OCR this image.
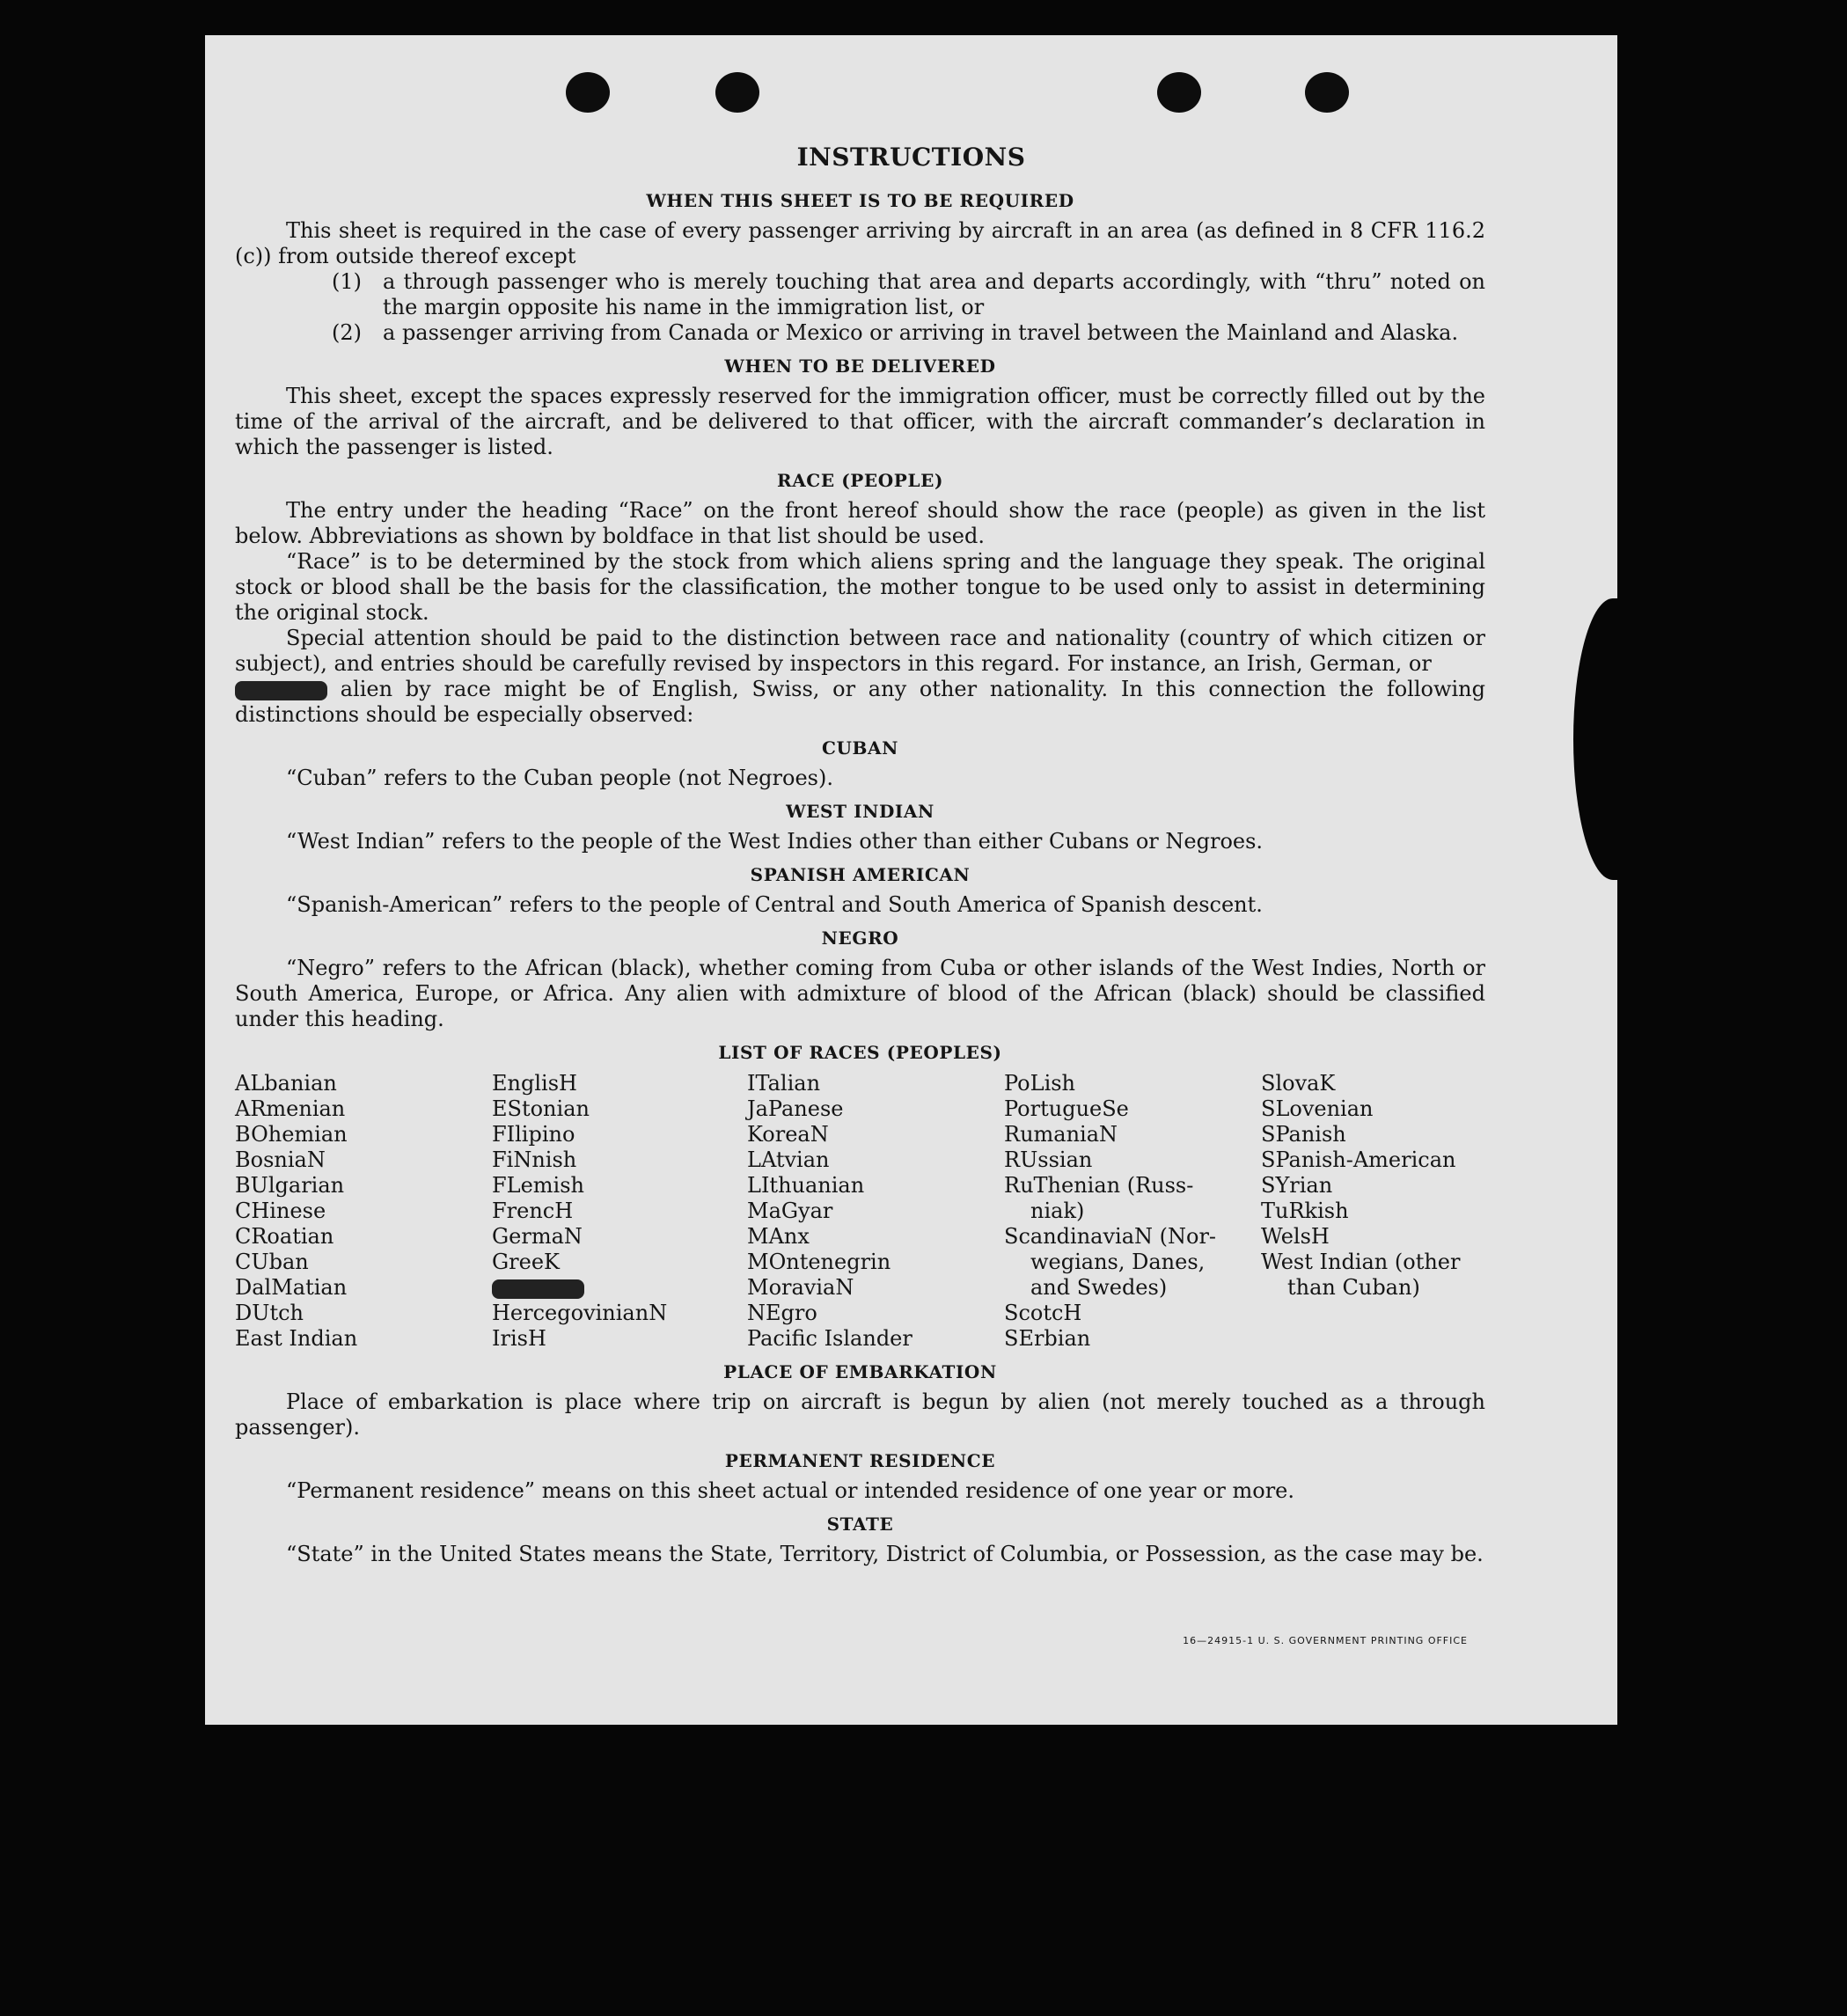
INSTRUCTIONS
WHEN THIS SHEET IS TO BE REQUIRED

This sheet is required in the case of every passenger arriving by aircraft in an area (as defined in 8 CFR 116.2 (c)) from outside thereof except

(1)	a through passenger who is merely touching that area and departs accordingly, with “thru” noted on the margin opposite his name in the immigration list, or
(2)	a passenger arriving from Canada or Mexico or arriving in travel between the Mainland and Alaska.
WHEN TO BE DELIVERED

This sheet, except the spaces expressly reserved for the immigration officer, must be correctly filled out by the time of the arrival of the aircraft, and be delivered to that officer, with the aircraft commander’s declaration in which the passenger is listed.

RACE (PEOPLE)

The entry under the heading “Race” on the front hereof should show the race (people) as given in the list below. Abbreviations as shown by boldface in that list should be used.

“Race” is to be determined by the stock from which aliens spring and the language they speak. The original stock or blood shall be the basis for the classification, the mother tongue to be used only to assist in determining the original stock.

Special attention should be paid to the distinction between race and nationality (country of which citizen or subject), and entries should be carefully revised by inspectors in this regard. For instance, an Irish, German, or

alien by race might be of English, Swiss, or any other nationality. In this connection the following distinctions should be especially observed:

CUBAN

“Cuban” refers to the Cuban people (not Negroes).

WEST INDIAN

“West Indian” refers to the people of the West Indies other than either Cubans or Negroes.

SPANISH AMERICAN

“Spanish-American” refers to the people of Central and South America of Spanish descent.

NEGRO

“Negro” refers to the African (black), whether coming from Cuba or other islands of the West Indies, North or South America, Europe, or Africa. Any alien with admixture of blood of the African (black) should be classified under this heading.

LIST OF RACES (PEOPLES)
ALbanian
ARmenian
BOhemian
BosniaN
BUlgarian
CHinese
CRoatian
CUban
DalMatian
DUtch
East Indian
EnglisH
EStonian
FIlipino
FiNnish
FLemish
FrencH
GermaN
GreeK
HercegovinianN
IrisH
ITalian
JaPanese
KoreaN
LAtvian
LIthuanian
MaGyar
MAnx
MOntenegrin
MoraviaN
NEgro
Pacific Islander
PoLish
PortugueSe
RumaniaN
RUssian
RuThenian (Russ-
niak)
ScandinaviaN (Nor-
wegians, Danes,
and Swedes)
ScotcH
SErbian
SlovaK
SLovenian
SPanish
SPanish-American
SYrian
TuRkish
WelsH
West Indian (other
than Cuban)
PLACE OF EMBARKATION

Place of embarkation is place where trip on aircraft is begun by alien (not merely touched as a through passenger).

PERMANENT RESIDENCE

“Permanent residence” means on this sheet actual or intended residence of one year or more.

STATE

“State” in the United States means the State, Territory, District of Columbia, or Possession, as the case may be.

16—24915-1 U. S. GOVERNMENT PRINTING OFFICE
